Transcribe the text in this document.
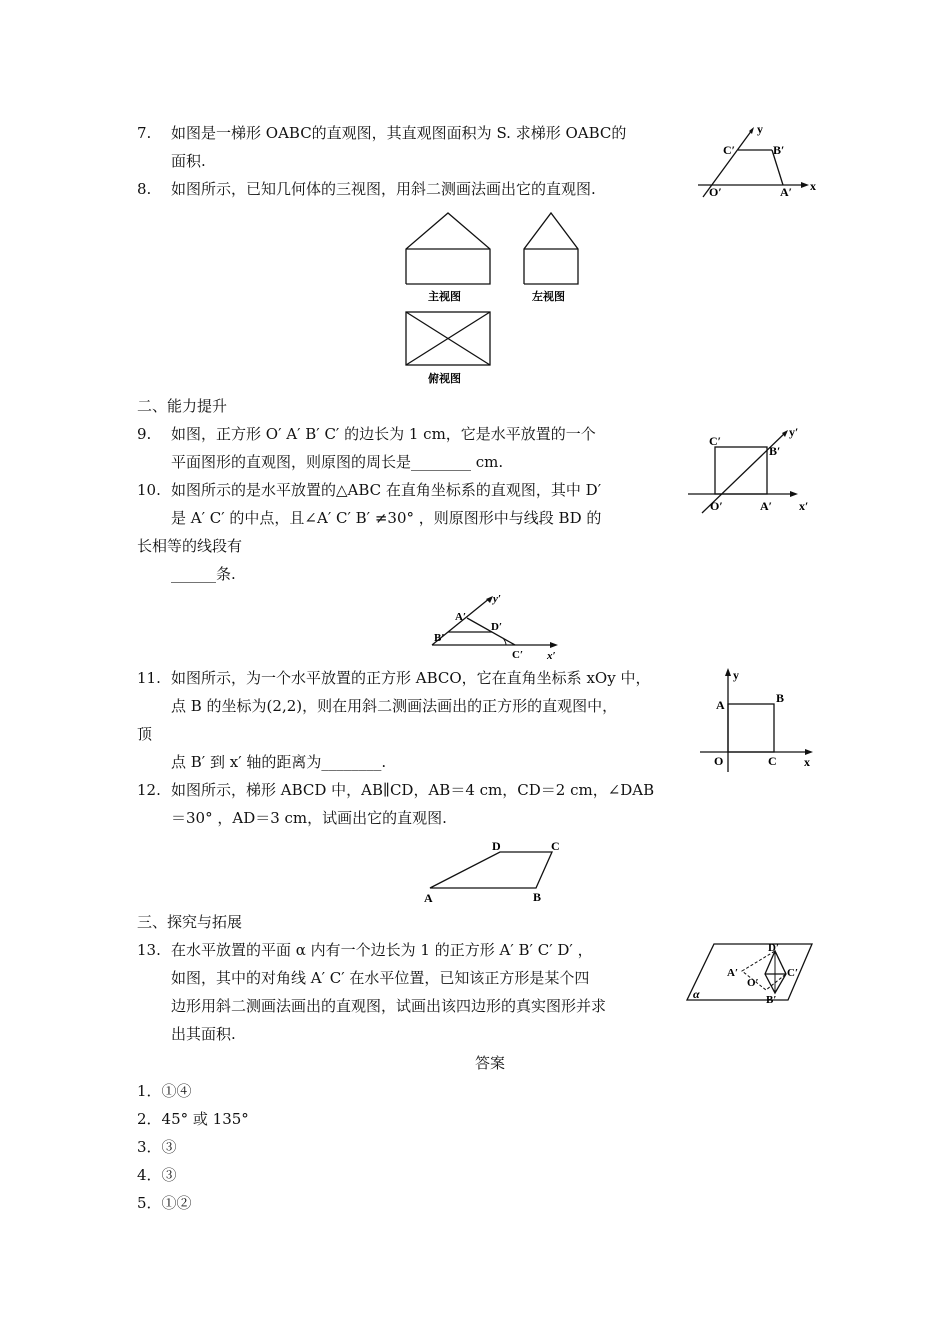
7. 如图是一梯形 OABC的直观图，其直观图面积为 S. 求梯形 OABC的
面积.
8. 如图所示，已知几何体的三视图，用斜二测画法画出它的直观图.
y
x
C′	B′
O′	A′
主视图	左视图
俯视图
二、能力提升
9. 如图，正方形 O′ A′ B′ C′ 的边长为 1 cm，它是水平放置的一个
平面图形的直观图，则原图的周长是________ cm.
y′
x′
C′
B′
O′	A′
10. 如图所示的是水平放置的△ABC 在直角坐标系的直观图，其中 D′
是 A′ C′ 的中点，且∠A′ C′ B′ ≠30° ，则原图形中与线段 BD 的
长相等的线段有
______条.
y′
x′
A′
B′
C′
D′
11. 如图所示，为一个水平放置的正方形 ABCO，它在直角坐标系 xOy 中，
点 B 的坐标为(2,2)，则在用斜二测画法画出的正方形的直观图中，
顶
点 B′ 到 x′ 轴的距离为________.
y
x
A	B
O	C
12. 如图所示，梯形 ABCD 中，AB∥CD，AB＝4 cm，CD＝2 cm，∠DAB
＝30° ，AD＝3 cm，试画出它的直观图.
A	B
C
D
三、探究与拓展
13. 在水平放置的平面 α 内有一个边长为 1 的正方形 A′ B′ C′ D′ ，
如图，其中的对角线 A′ C′ 在水平位置，已知该正方形是某个四
边形用斜二测画法画出的直观图，试画出该四边形的真实图形并求
出其面积.
α
A′
B′
C′
D′
O′
答案
1．①④
2．45° 或 135°
3．③
4．③
5．①②
